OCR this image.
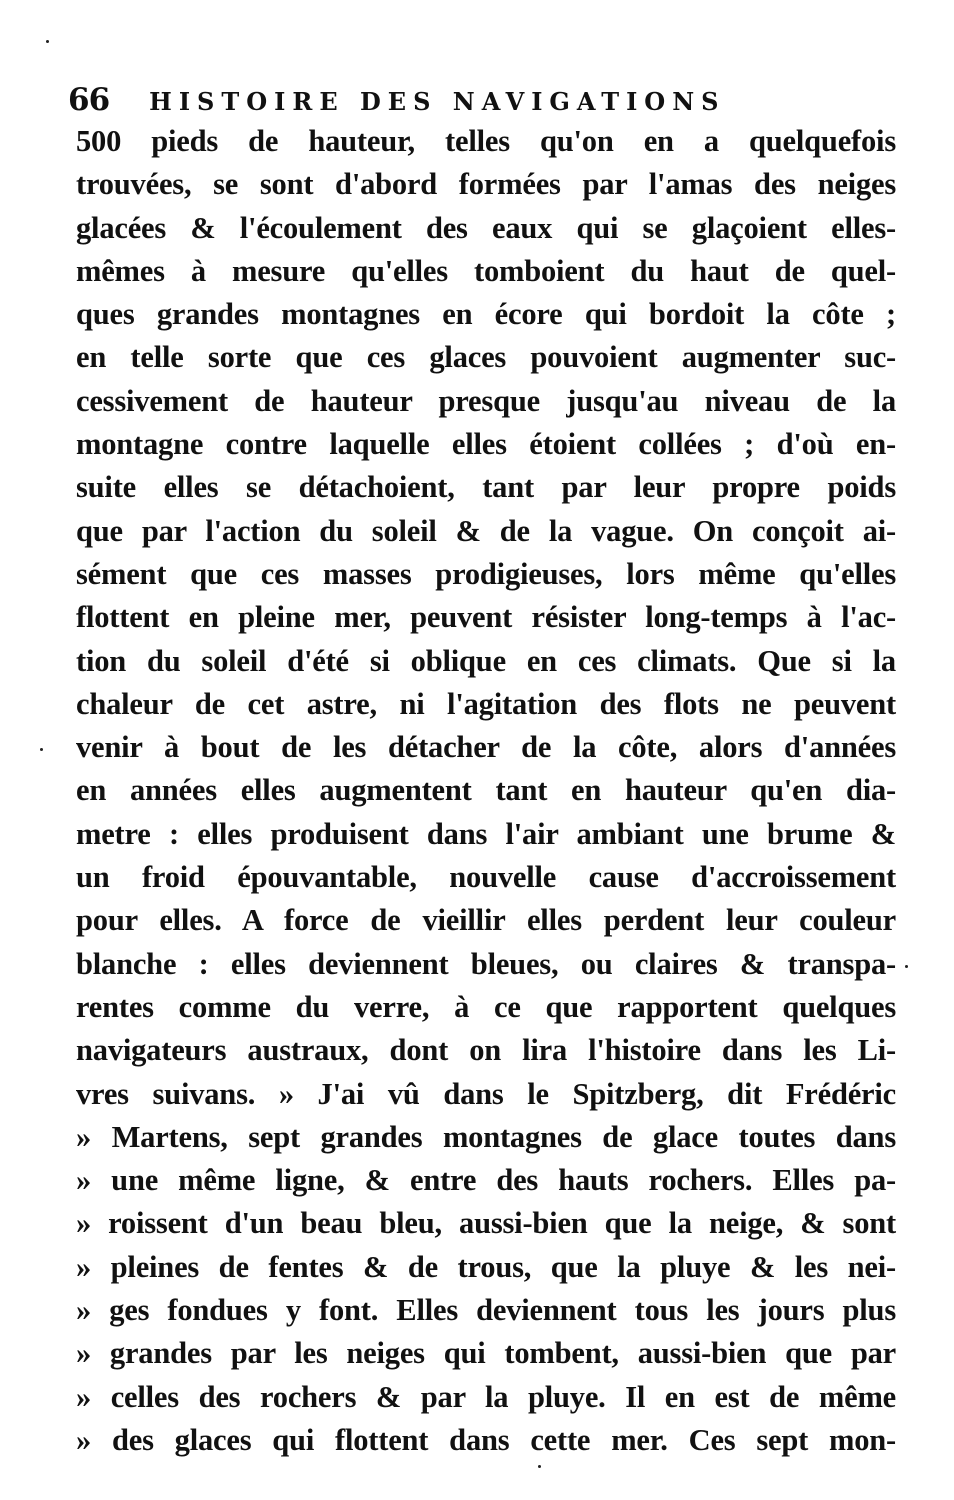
66 HISTOIRE DES NAVIGATIONS
500 pieds de hauteur, telles qu'on en a quelquefois
trouvées, se sont d'abord formées par l'amas des neiges
glacées & l'écoulement des eaux qui se glaçoient elles-
mêmes à mesure qu'elles tomboient du haut de quel-
ques grandes montagnes en écore qui bordoit la côte ;
en telle sorte que ces glaces pouvoient augmenter suc-
cessivement de hauteur presque jusqu'au niveau de la
montagne contre laquelle elles étoient collées ; d'où en-
suite elles se détachoient, tant par leur propre poids
que par l'action du soleil & de la vague. On conçoit ai-
sément que ces masses prodigieuses, lors même qu'elles
flottent en pleine mer, peuvent résister long-temps à l'ac-
tion du soleil d'été si oblique en ces climats. Que si la
chaleur de cet astre, ni l'agitation des flots ne peuvent
venir à bout de les détacher de la côte, alors d'années
en années elles augmentent tant en hauteur qu'en dia-
metre : elles produisent dans l'air ambiant une brume &
un froid épouvantable, nouvelle cause d'accroissement
pour elles. A force de vieillir elles perdent leur couleur
blanche : elles deviennent bleues, ou claires & transpa-
rentes comme du verre, à ce que rapportent quelques
navigateurs austraux, dont on lira l'histoire dans les Li-
vres suivans. » J'ai vû dans le Spitzberg, dit Frédéric
» Martens, sept grandes montagnes de glace toutes dans
» une même ligne, & entre des hauts rochers. Elles pa-
» roissent d'un beau bleu, aussi-bien que la neige, & sont
» pleines de fentes & de trous, que la pluye & les nei-
» ges fondues y font. Elles deviennent tous les jours plus
» grandes par les neiges qui tombent, aussi-bien que par
» celles des rochers & par la pluye. Il en est de même
» des glaces qui flottent dans cette mer. Ces sept mon-
